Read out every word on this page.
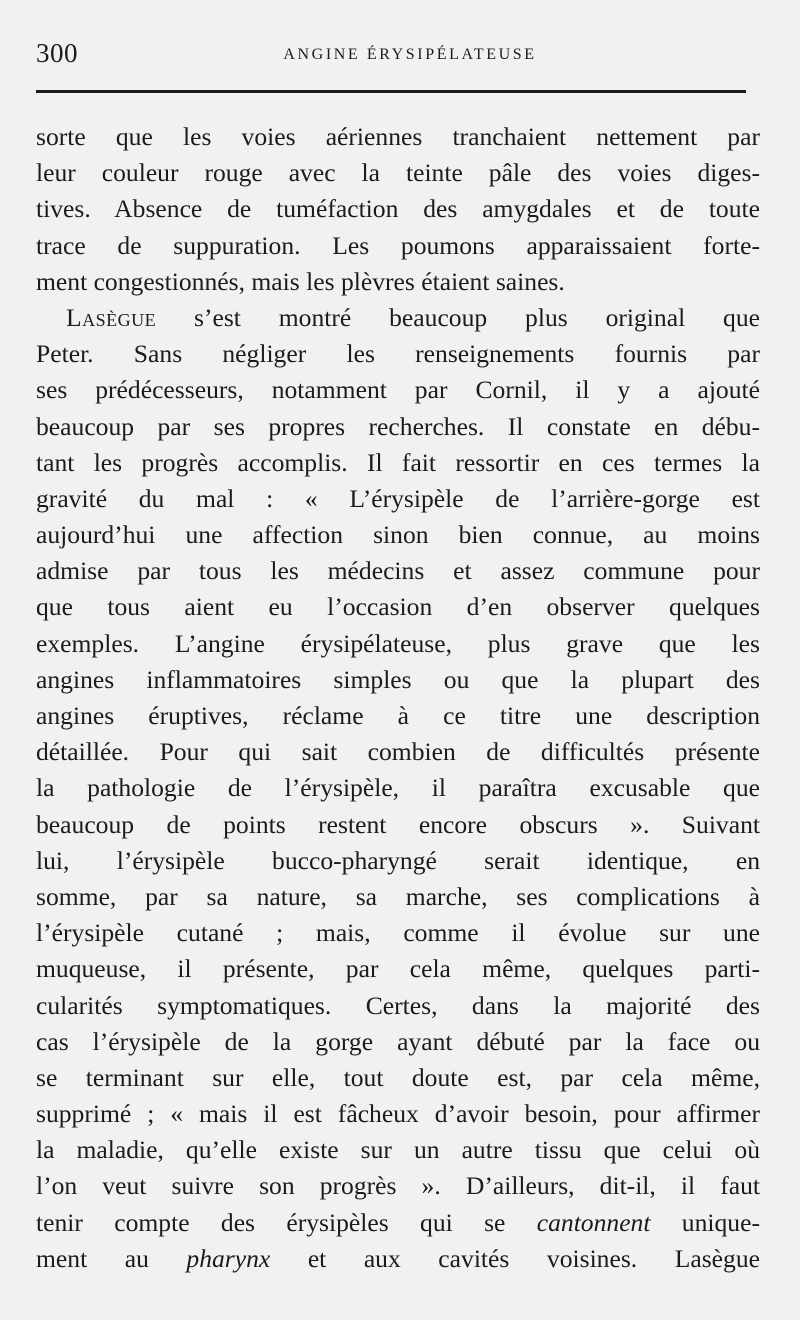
300	ANGINE ÉRYSIPÉLATEUSE
sorte que les voies aériennes tranchaient nettement par
leur couleur rouge avec la teinte pâle des voies diges-
tives. Absence de tuméfaction des amygdales et de toute
trace de suppuration. Les poumons apparaissaient forte-
ment congestionnés, mais les plèvres étaient saines.
Lasègue s’est montré beaucoup plus original que
Peter. Sans négliger les renseignements fournis par
ses prédécesseurs, notamment par Cornil, il y a ajouté
beaucoup par ses propres recherches. Il constate en débu-
tant les progrès accomplis. Il fait ressortir en ces termes la
gravité du mal : « L’érysipèle de l’arrière-gorge est
aujourd’hui une affection sinon bien connue, au moins
admise par tous les médecins et assez commune pour
que tous aient eu l’occasion d’en observer quelques
exemples. L’angine érysipélateuse, plus grave que les
angines inflammatoires simples ou que la plupart des
angines éruptives, réclame à ce titre une description
détaillée. Pour qui sait combien de difficultés présente
la pathologie de l’érysipèle, il paraîtra excusable que
beaucoup de points restent encore obscurs ». Suivant
lui, l’érysipèle bucco-pharyngé serait identique, en
somme, par sa nature, sa marche, ses complications à
l’érysipèle cutané ; mais, comme il évolue sur une
muqueuse, il présente, par cela même, quelques parti-
cularités symptomatiques. Certes, dans la majorité des
cas l’érysipèle de la gorge ayant débuté par la face ou
se terminant sur elle, tout doute est, par cela même,
supprimé ; « mais il est fâcheux d’avoir besoin, pour affirmer
la maladie, qu’elle existe sur un autre tissu que celui où
l’on veut suivre son progrès ». D’ailleurs, dit-il, il faut
tenir compte des érysipèles qui se cantonnent unique-
ment au pharynx et aux cavités voisines. Lasègue
